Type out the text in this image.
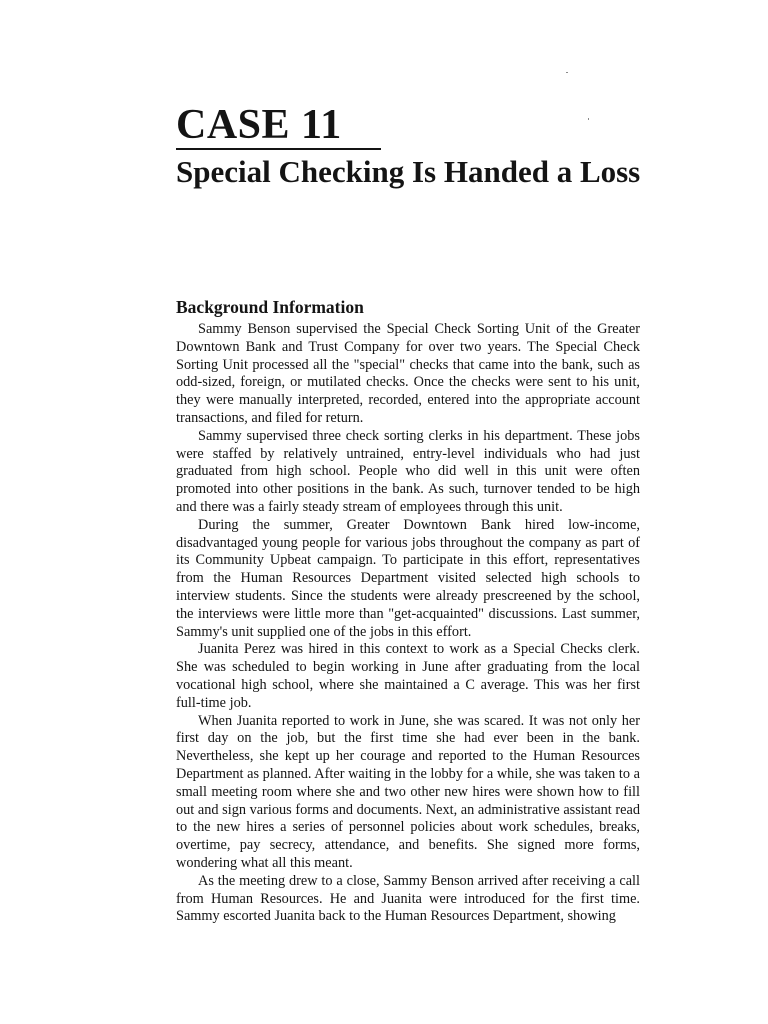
CASE 11
Special Checking Is Handed a Loss
Background Information

Sammy Benson supervised the Special Check Sorting Unit of the Greater Downtown Bank and Trust Company for over two years. The Special Check Sorting Unit processed all the "special" checks that came into the bank, such as odd-sized, foreign, or mutilated checks. Once the checks were sent to his unit, they were manually interpreted, recorded, entered into the appropriate account transactions, and filed for return.

Sammy supervised three check sorting clerks in his department. These jobs were staffed by relatively untrained, entry-level individuals who had just graduated from high school. People who did well in this unit were often promoted into other positions in the bank. As such, turnover tended to be high and there was a fairly steady stream of employees through this unit.

During the summer, Greater Downtown Bank hired low-income, disadvantaged young people for various jobs throughout the company as part of its Community Upbeat campaign. To participate in this effort, representatives from the Human Resources Department visited selected high schools to interview students. Since the students were already prescreened by the school, the interviews were little more than "get-acquainted" discussions. Last summer, Sammy's unit supplied one of the jobs in this effort.

Juanita Perez was hired in this context to work as a Special Checks clerk. She was scheduled to begin working in June after graduating from the local vocational high school, where she maintained a C average. This was her first full-time job.

When Juanita reported to work in June, she was scared. It was not only her first day on the job, but the first time she had ever been in the bank. Nevertheless, she kept up her courage and reported to the Human Resources Department as planned. After waiting in the lobby for a while, she was taken to a small meeting room where she and two other new hires were shown how to fill out and sign various forms and documents. Next, an administrative assistant read to the new hires a series of personnel policies about work schedules, breaks, overtime, pay secrecy, attendance, and benefits. She signed more forms, wondering what all this meant.

As the meeting drew to a close, Sammy Benson arrived after receiving a call from Human Resources. He and Juanita were introduced for the first time. Sammy escorted Juanita back to the Human Resources Department, showing
